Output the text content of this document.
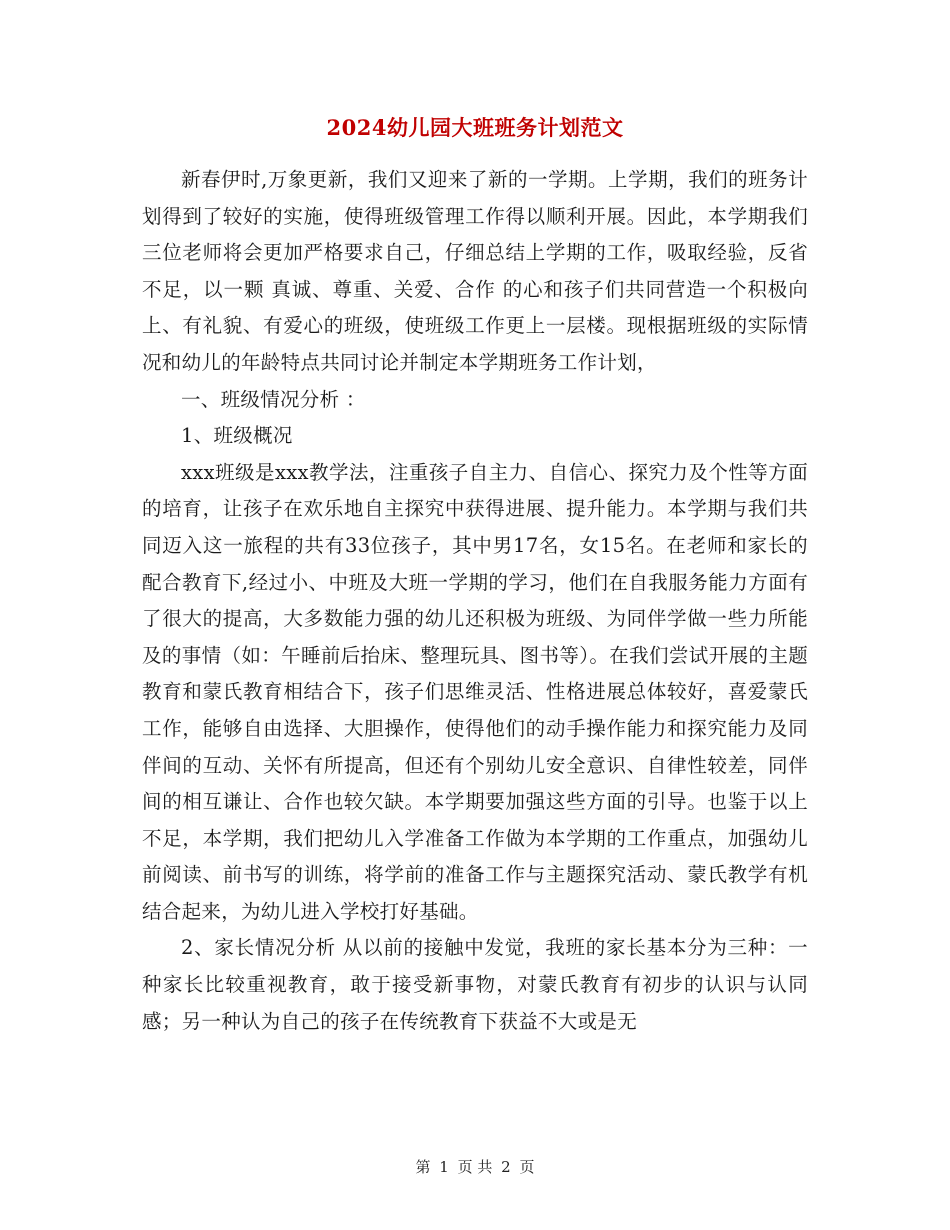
2024幼儿园大班班务计划范文

新春伊时,万象更新，我们又迎来了新的一学期。上学期，我们的班务计划得到了较好的实施，使得班级管理工作得以顺利开展。因此，本学期我们三位老师将会更加严格要求自己，仔细总结上学期的工作，吸取经验，反省不足，以一颗 真诚、尊重、关爱、合作 的心和孩子们共同营造一个积极向上、有礼貌、有爱心的班级，使班级工作更上一层楼。现根据班级的实际情况和幼儿的年龄特点共同讨论并制定本学期班务工作计划，

一、班级情况分析 ：

1、班级概况

xxx班级是xxx教学法，注重孩子自主力、自信心、探究力及个性等方面的培育，让孩子在欢乐地自主探究中获得进展、提升能力。本学期与我们共同迈入这一旅程的共有33位孩子，其中男17名，女15名。在老师和家长的配合教育下,经过小、中班及大班一学期的学习，他们在自我服务能力方面有了很大的提高，大多数能力强的幼儿还积极为班级、为同伴学做一些力所能及的事情（如：午睡前后抬床、整理玩具、图书等）。在我们尝试开展的主题教育和蒙氏教育相结合下，孩子们思维灵活、性格进展总体较好，喜爱蒙氏工作，能够自由选择、大胆操作，使得他们的动手操作能力和探究能力及同伴间的互动、关怀有所提高，但还有个别幼儿安全意识、自律性较差，同伴间的相互谦让、合作也较欠缺。本学期要加强这些方面的引导。也鉴于以上不足，本学期，我们把幼儿入学准备工作做为本学期的工作重点，加强幼儿前阅读、前书写的训练，将学前的准备工作与主题探究活动、蒙氏教学有机结合起来，为幼儿进入学校打好基础。

2、家长情况分析 从以前的接触中发觉，我班的家长基本分为三种：一种家长比较重视教育，敢于接受新事物，对蒙氏教育有初步的认识与认同感；另一种认为自己的孩子在传统教育下获益不大或是无

第 1 页 共 2 页
